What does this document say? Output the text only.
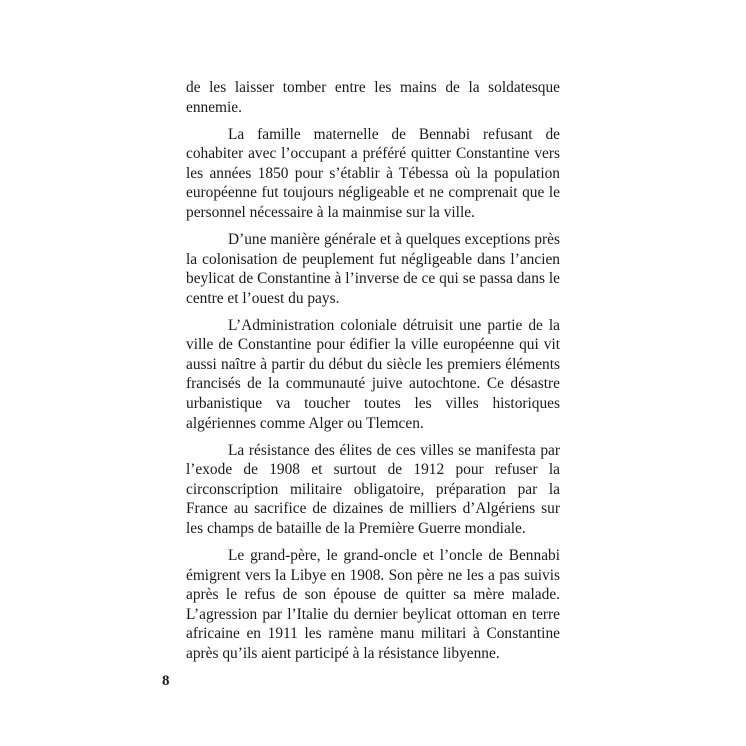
de les laisser tomber entre les mains de la soldatesque ennemie.

La famille maternelle de Bennabi refusant de cohabiter avec l’occupant a préféré quitter Constantine vers les années 1850 pour s’établir à Tébessa où la population européenne fut toujours négligeable et ne comprenait que le personnel nécessaire à la mainmise sur la ville.

D’une manière générale et à quelques exceptions près la colonisation de peuplement fut négligeable dans l’ancien beylicat de Constantine à l’inverse de ce qui se passa dans le centre et l’ouest du pays.

L’Administration coloniale détruisit une partie de la ville de Constantine pour édifier la ville européenne qui vit aussi naître à partir du début du siècle les premiers éléments francisés de la communauté juive autochtone. Ce désastre urbanistique va toucher toutes les villes historiques algériennes comme Alger ou Tlemcen.

La résistance des élites de ces villes se manifesta par l’exode de 1908 et surtout de 1912 pour refuser la circonscription militaire obligatoire, préparation par la France au sacrifice de dizaines de milliers d’Algériens sur les champs de bataille de la Première Guerre mondiale.

Le grand-père, le grand-oncle et l’oncle de Bennabi émigrent vers la Libye en 1908. Son père ne les a pas suivis après le refus de son épouse de quitter sa mère malade. L’agression par l’Italie du dernier beylicat ottoman en terre africaine en 1911 les ramène manu militari à Constantine après qu’ils aient participé à la résistance libyenne.

8
